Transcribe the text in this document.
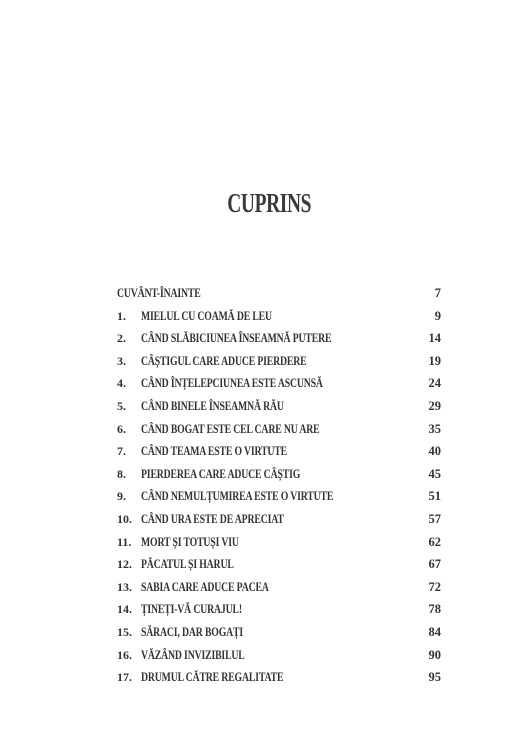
CUPRINS
CUVÂNT-ÎNAINTE	7
1.	MIELUL CU COAMĂ DE LEU	9
2.	CÂND SLĂBICIUNEA ÎNSEAMNĂ PUTERE	14
3.	CÂȘTIGUL CARE ADUCE PIERDERE	19
4.	CÂND ÎNȚELEPCIUNEA ESTE ASCUNSĂ	24
5.	CÂND BINELE ÎNSEAMNĂ RĂU	29
6.	CÂND BOGAT ESTE CEL CARE NU ARE	35
7.	CÂND TEAMA ESTE O VIRTUTE	40
8.	PIERDEREA CARE ADUCE CÂȘTIG	45
9.	CÂND NEMULȚUMIREA ESTE O VIRTUTE	51
10. CÂND URA ESTE DE APRECIAT	57
11. MORT ȘI TOTUȘI VIU	62
12. PĂCATUL ȘI HARUL	67
13. SABIA CARE ADUCE PACEA	72
14. ȚINEȚI-VĂ CURAJUL!	78
15. SĂRACI, DAR BOGAȚI	84
16. VĂZÂND INVIZIBILUL	90
17. DRUMUL CĂTRE REGALITATE	95
